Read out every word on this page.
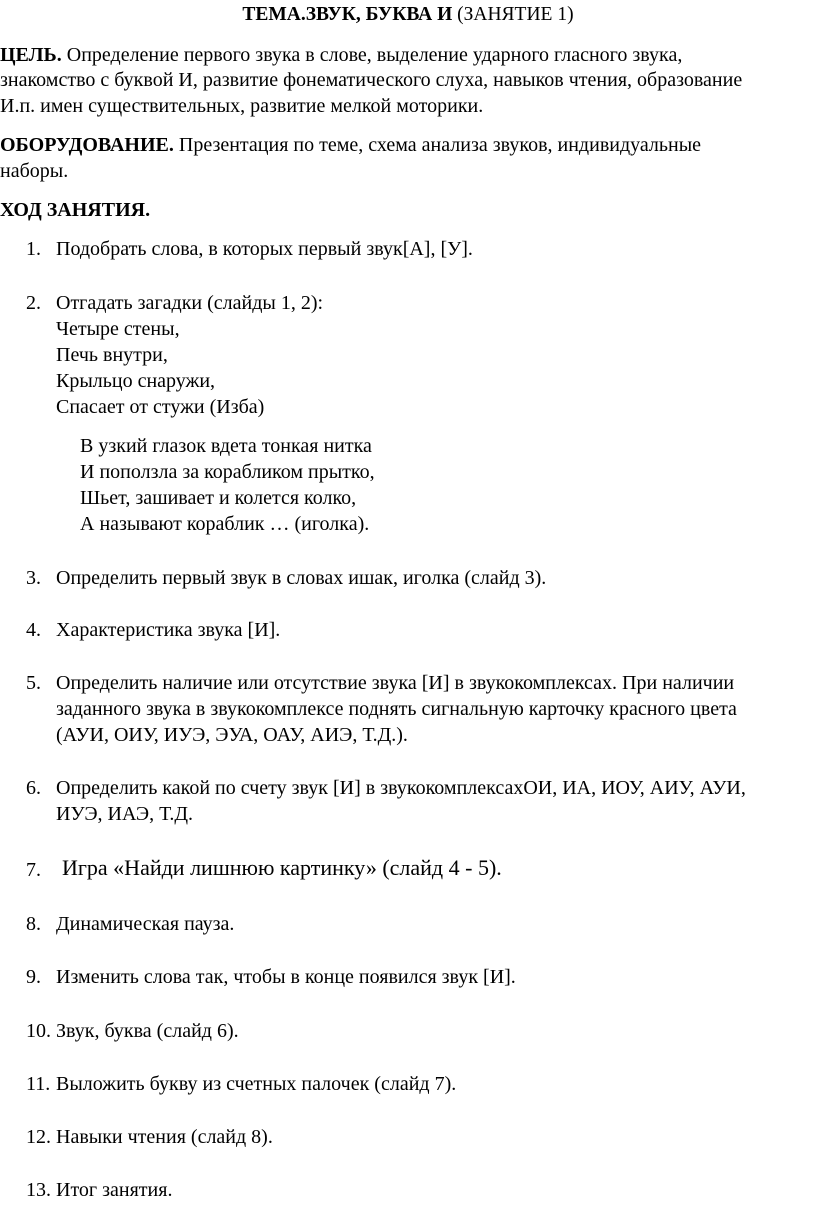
ТЕМА.ЗВУК, БУКВА И (ЗАНЯТИЕ 1)
ЦЕЛЬ. Определение первого звука в слове, выделение ударного гласного звука,
знакомство с буквой И, развитие фонематического слуха, навыков чтения, образование
И.п. имен существительных, развитие мелкой моторики.
ОБОРУДОВАНИЕ. Презентация по теме, схема анализа звуков, индивидуальные
наборы.
ХОД ЗАНЯТИЯ.
1. Подобрать слова, в которых первый звук[А], [У].
2. Отгадать загадки (слайды 1, 2):
Четыре стены,
Печь внутри,
Крыльцо снаружи,
Спасает от стужи (Изба)
В узкий глазок вдета тонкая нитка
И поползла за корабликом прытко,
Шьет, зашивает и колется колко,
А называют кораблик … (иголка).
3. Определить первый звук в словах ишак, иголка (слайд 3).
4. Характеристика звука [И].
5. Определить наличие или отсутствие звука [И] в звукокомплексах. При наличии
заданного звука в звукокомплексе поднять сигнальную карточку красного цвета
(АУИ, ОИУ, ИУЭ, ЭУА, ОАУ, АИЭ, Т.Д.).
6. Определить какой по счету звук [И] в звукокомплексахОИ, ИА, ИОУ, АИУ, АУИ,
ИУЭ, ИАЭ, Т.Д.
7. Игра «Найди лишнюю картинку» (слайд 4 - 5).
8. Динамическая пауза.
9. Изменить слова так, чтобы в конце появился звук [И].
10. Звук, буква (слайд 6).
11. Выложить букву из счетных палочек (слайд 7).
12. Навыки чтения (слайд 8).
13. Итог занятия.
